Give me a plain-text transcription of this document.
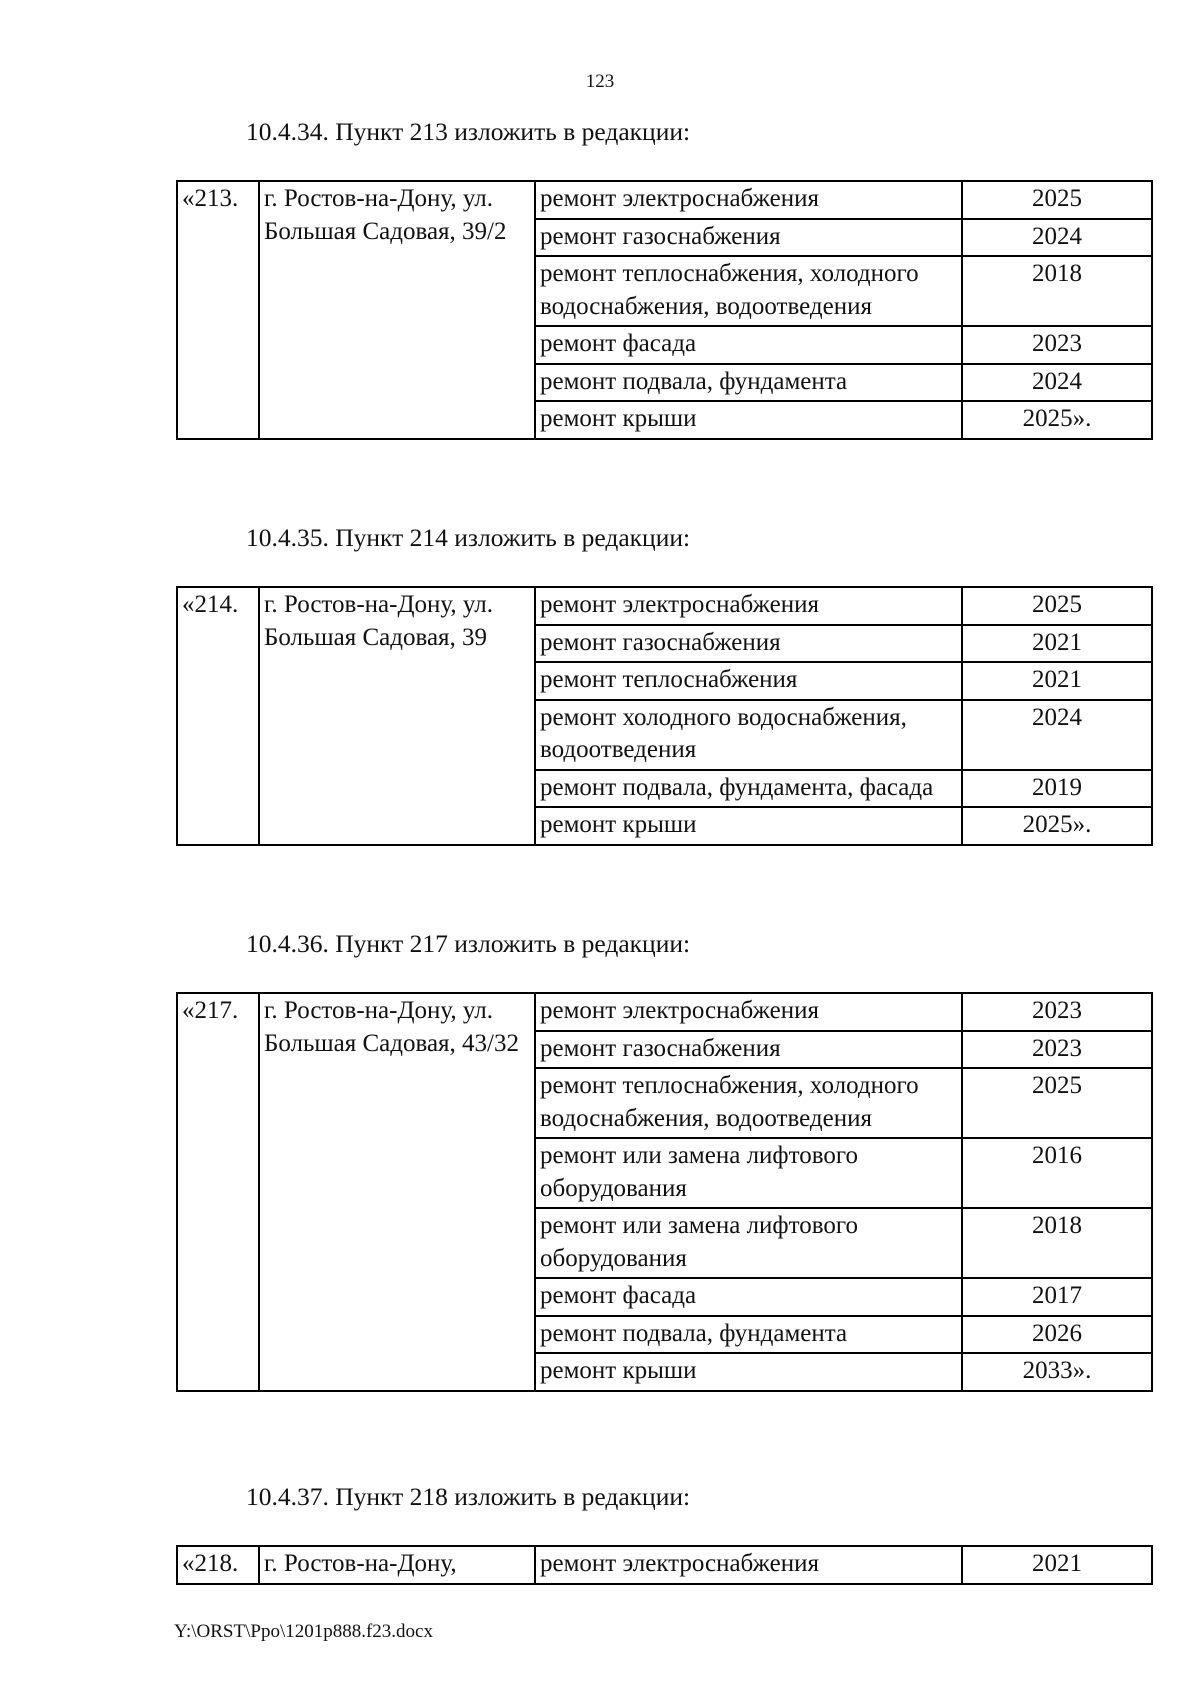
123
10.4.34. Пункт 213 изложить в редакции:
«213.	г. Ростов-на-Дону, ул. Большая Садовая, 39/2	ремонт электроснабжения	2025
		ремонт газоснабжения	2024
		ремонт теплоснабжения, холодного водоснабжения, водоотведения	2018
		ремонт фасада	2023
		ремонт подвала, фундамента	2024
		ремонт крыши	2025».
10.4.35. Пункт 214 изложить в редакции:
«214.	г. Ростов-на-Дону, ул. Большая Садовая, 39	ремонт электроснабжения	2025
		ремонт газоснабжения	2021
		ремонт теплоснабжения	2021
		ремонт холодного водоснабжения, водоотведения	2024
		ремонт подвала, фундамента, фасада	2019
		ремонт крыши	2025».
10.4.36. Пункт 217 изложить в редакции:
«217.	г. Ростов-на-Дону, ул. Большая Садовая, 43/32	ремонт электроснабжения	2023
		ремонт газоснабжения	2023
		ремонт теплоснабжения, холодного водоснабжения, водоотведения	2025
		ремонт или замена лифтового оборудования	2016
		ремонт или замена лифтового оборудования	2018
		ремонт фасада	2017
		ремонт подвала, фундамента	2026
		ремонт крыши	2033».
10.4.37. Пункт 218 изложить в редакции:
«218.	г. Ростов-на-Дону,	ремонт электроснабжения	2021
Y:\ORST\Ppo\1201p888.f23.docx
